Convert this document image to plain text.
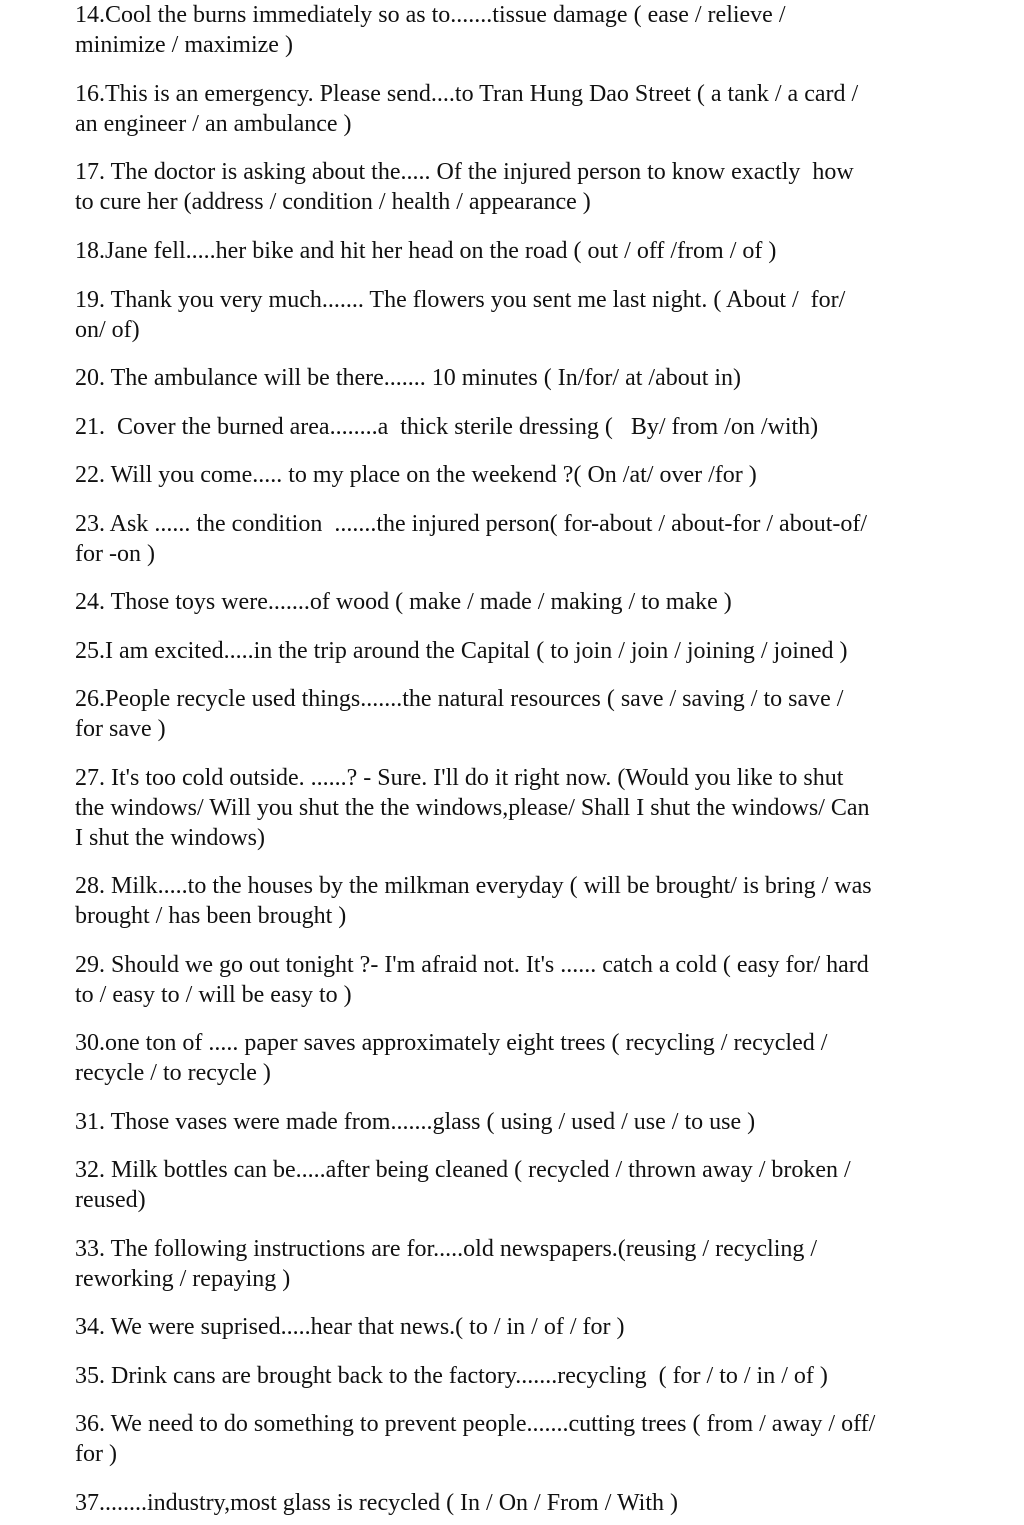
14.Cool the burns immediately so as to.......tissue damage ( ease / relieve /
minimize / maximize )
16.This is an emergency. Please send....to Tran Hung Dao Street ( a tank / a card /
an engineer / an ambulance )
17. The doctor is asking about the..... Of the injured person to know exactly  how
to cure her (address / condition / health / appearance )
18.Jane fell.....her bike and hit her head on the road ( out / off /from / of )
19. Thank you very much....... The flowers you sent me last night. ( About /  for/
on/ of)
20. The ambulance will be there....... 10 minutes ( In/for/ at /about in)
21.  Cover the burned area........a  thick sterile dressing (   By/ from /on /with)
22. Will you come..... to my place on the weekend ?( On /at/ over /for )
23. Ask ...... the condition  .......the injured person( for-about / about-for / about-of/
for -on )
24. Those toys were.......of wood ( make / made / making / to make )
25.I am excited.....in the trip around the Capital ( to join / join / joining / joined )
26.People recycle used things.......the natural resources ( save / saving / to save /
for save )
27. It's too cold outside. ......? - Sure. I'll do it right now. (Would you like to shut
the windows/ Will you shut the the windows,please/ Shall I shut the windows/ Can
I shut the windows)
28. Milk.....to the houses by the milkman everyday ( will be brought/ is bring / was
brought / has been brought )
29. Should we go out tonight ?- I'm afraid not. It's ...... catch a cold ( easy for/ hard
to / easy to / will be easy to )
30.one ton of ..... paper saves approximately eight trees ( recycling / recycled /
recycle / to recycle )
31. Those vases were made from.......glass ( using / used / use / to use )
32. Milk bottles can be.....after being cleaned ( recycled / thrown away / broken /
reused)
33. The following instructions are for.....old newspapers.(reusing / recycling /
reworking / repaying )
34. We were suprised.....hear that news.( to / in / of / for )
35. Drink cans are brought back to the factory.......recycling  ( for / to / in / of )
36. We need to do something to prevent people.......cutting trees ( from / away / off/
for )
37........industry,most glass is recycled ( In / On / From / With )
